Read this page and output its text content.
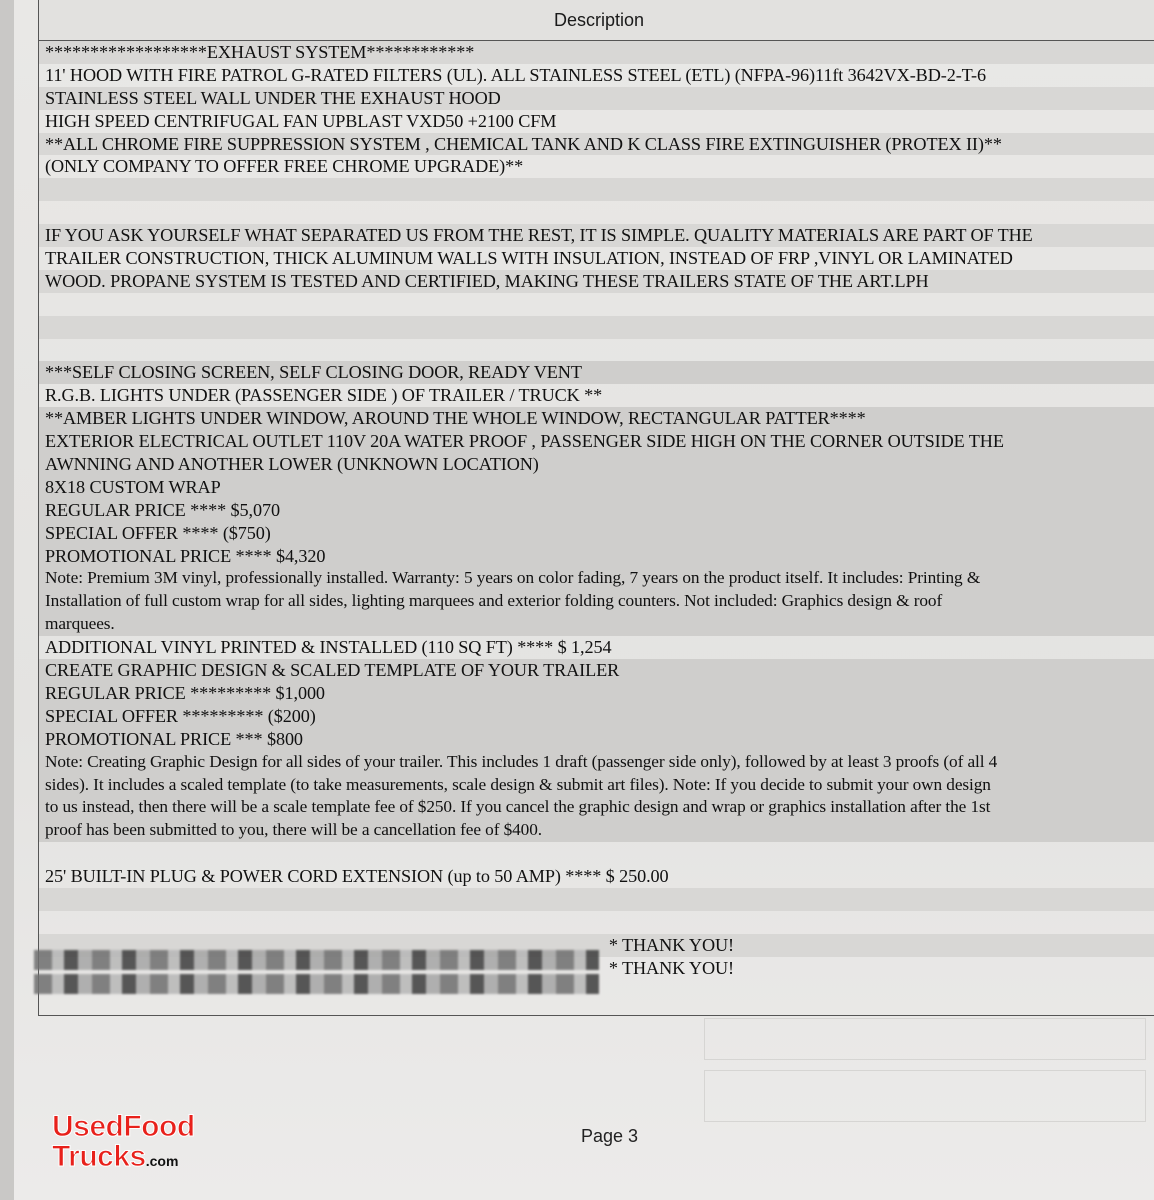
Description
******************EXHAUST SYSTEM************
11' HOOD WITH FIRE PATROL G-RATED FILTERS (UL). ALL STAINLESS STEEL (ETL) (NFPA-96)11ft 3642VX-BD-2-T-6
STAINLESS STEEL WALL UNDER THE EXHAUST HOOD
HIGH SPEED CENTRIFUGAL FAN UPBLAST VXD50 +2100 CFM
**ALL CHROME FIRE SUPPRESSION SYSTEM , CHEMICAL TANK AND K CLASS FIRE EXTINGUISHER (PROTEX II)**
(ONLY COMPANY TO OFFER FREE CHROME UPGRADE)**
IF YOU ASK YOURSELF WHAT SEPARATED US FROM THE REST, IT IS SIMPLE. QUALITY MATERIALS ARE PART OF THE
TRAILER CONSTRUCTION, THICK ALUMINUM WALLS WITH INSULATION, INSTEAD OF FRP ,VINYL OR LAMINATED
WOOD. PROPANE SYSTEM IS TESTED AND CERTIFIED, MAKING THESE TRAILERS STATE OF THE ART.LPH
***SELF CLOSING SCREEN, SELF CLOSING DOOR, READY VENT
R.G.B. LIGHTS UNDER (PASSENGER SIDE ) OF TRAILER / TRUCK **
**AMBER LIGHTS UNDER WINDOW, AROUND THE WHOLE WINDOW, RECTANGULAR PATTER****
EXTERIOR ELECTRICAL OUTLET 110V 20A WATER PROOF , PASSENGER SIDE HIGH ON THE CORNER OUTSIDE THE
AWNNING AND ANOTHER LOWER (UNKNOWN LOCATION)
8X18 CUSTOM WRAP
REGULAR PRICE **** $5,070
SPECIAL OFFER **** ($750)
PROMOTIONAL PRICE **** $4,320
Note: Premium 3M vinyl, professionally installed. Warranty: 5 years on color fading, 7 years on the product itself. It includes: Printing &
Installation of full custom wrap for all sides, lighting marquees and exterior folding counters. Not included: Graphics design & roof
marquees.
ADDITIONAL VINYL PRINTED & INSTALLED (110 SQ FT) **** $ 1,254
CREATE GRAPHIC DESIGN & SCALED TEMPLATE OF YOUR TRAILER
REGULAR PRICE ********* $1,000
SPECIAL OFFER ********* ($200)
PROMOTIONAL PRICE *** $800
Note: Creating Graphic Design for all sides of your trailer. This includes 1 draft (passenger side only), followed by at least 3 proofs (of all 4
sides). It includes a scaled template (to take measurements, scale design & submit art files). Note: If you decide to submit your own design
to us instead, then there will be a scale template fee of $250. If you cancel the graphic design and wrap or graphics installation after the 1st
proof has been submitted to you, there will be a cancellation fee of $400.
25' BUILT-IN PLUG & POWER CORD EXTENSION (up to 50 AMP) **** $ 250.00
* THANK YOU!
* THANK YOU!
Page 3
UsedFood
Trucks.com
